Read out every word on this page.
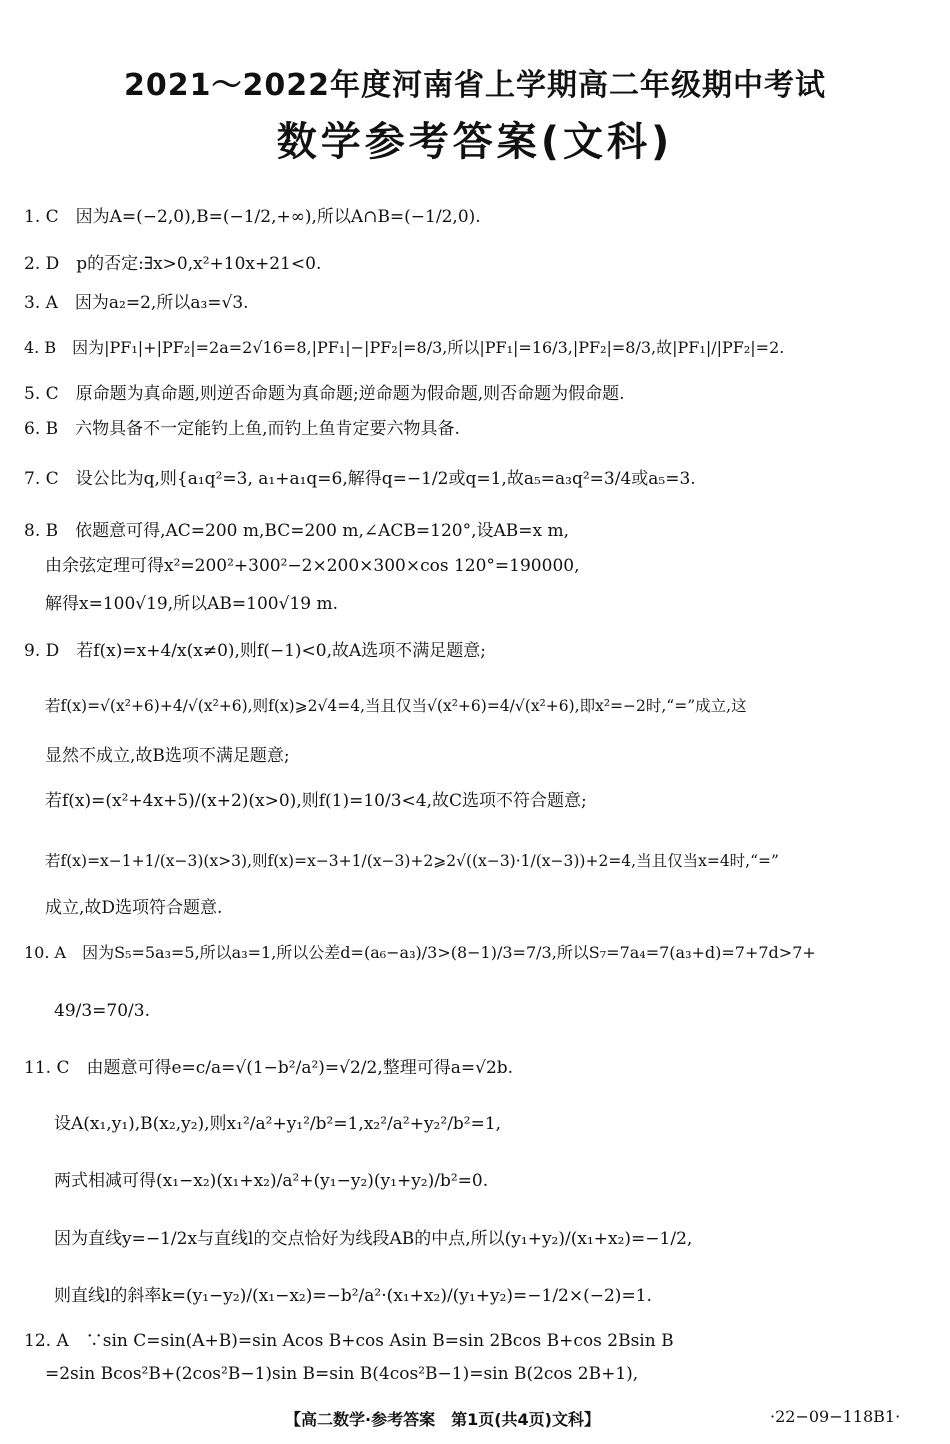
2021～2022年度河南省上学期高二年级期中考试
数学参考答案(文科)
1. C　因为A=(−2,0),B=(−1/2,+∞),所以A∩B=(−1/2,0).
2. D　p的否定:∃x>0,x²+10x+21<0.
3. A　因为a₂=2,所以a₃=√3.
4. B　因为|PF₁|+|PF₂|=2a=2√16=8,|PF₁|−|PF₂|=8/3,所以|PF₁|=16/3,|PF₂|=8/3,故|PF₁|/|PF₂|=2.
5. C　原命题为真命题,则逆否命题为真命题;逆命题为假命题,则否命题为假命题.
6. B　六物具备不一定能钓上鱼,而钓上鱼肯定要六物具备.
7. C　设公比为q,则{a₁q²=3, a₁+a₁q=6,解得q=−1/2或q=1,故a₅=a₃q²=3/4或a₅=3.
8. B　依题意可得,AC=200 m,BC=200 m,∠ACB=120°,设AB=x m,
由余弦定理可得x²=200²+300²−2×200×300×cos 120°=190000,
解得x=100√19,所以AB=100√19 m.
9. D　若f(x)=x+4/x(x≠0),则f(−1)<0,故A选项不满足题意;
若f(x)=√(x²+6)+4/√(x²+6),则f(x)⩾2√4=4,当且仅当√(x²+6)=4/√(x²+6),即x²=−2时,“=”成立,这
显然不成立,故B选项不满足题意;
若f(x)=(x²+4x+5)/(x+2)(x>0),则f(1)=10/3<4,故C选项不符合题意;
若f(x)=x−1+1/(x−3)(x>3),则f(x)=x−3+1/(x−3)+2⩾2√((x−3)·1/(x−3))+2=4,当且仅当x=4时,“=”
成立,故D选项符合题意.
10. A　因为S₅=5a₃=5,所以a₃=1,所以公差d=(a₆−a₃)/3>(8−1)/3=7/3,所以S₇=7a₄=7(a₃+d)=7+7d>7+
49/3=70/3.
11. C　由题意可得e=c/a=√(1−b²/a²)=√2/2,整理可得a=√2b.
设A(x₁,y₁),B(x₂,y₂),则x₁²/a²+y₁²/b²=1,x₂²/a²+y₂²/b²=1,
两式相减可得(x₁−x₂)(x₁+x₂)/a²+(y₁−y₂)(y₁+y₂)/b²=0.
因为直线y=−1/2x与直线l的交点恰好为线段AB的中点,所以(y₁+y₂)/(x₁+x₂)=−1/2,
则直线l的斜率k=(y₁−y₂)/(x₁−x₂)=−b²/a²·(x₁+x₂)/(y₁+y₂)=−1/2×(−2)=1.
12. A　∵sin C=sin(A+B)=sin Acos B+cos Asin B=sin 2Bcos B+cos 2Bsin B
=2sin Bcos²B+(2cos²B−1)sin B=sin B(4cos²B−1)=sin B(2cos 2B+1),
【高二数学·参考答案　第1页(共4页)文科】	·22−09−118B1·
